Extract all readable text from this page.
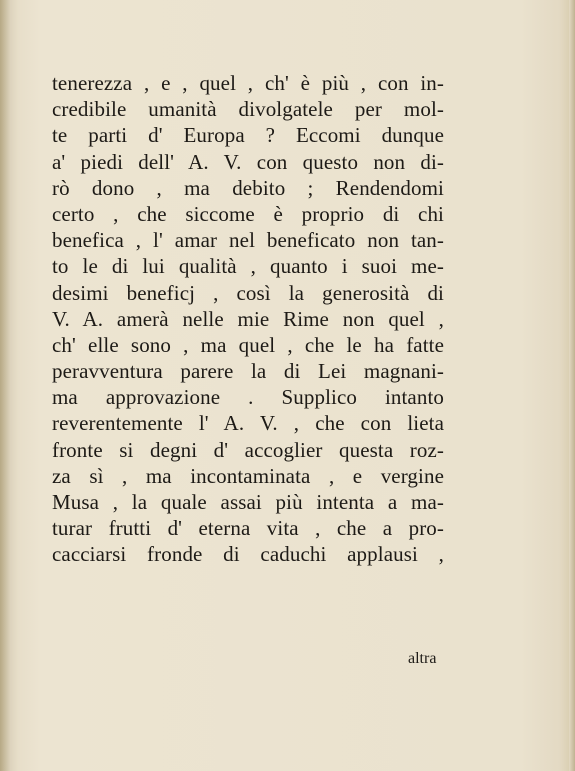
tenerezza , e , quel , ch' è più , con in-
credibile umanità divolgatele per mol-
te parti d' Europa ? Eccomi dunque
a' piedi dell' A. V. con questo non di-
rò dono , ma debito ; Rendendomi
certo , che siccome è proprio di chi
benefica , l' amar nel beneficato non tan-
to le di lui qualità , quanto i suoi me-
desimi beneficj , così la generosità di
V. A. amerà nelle mie Rime non quel ,
ch' elle sono , ma quel , che le ha fatte
peravventura parere la di Lei magnani-
ma approvazione . Supplico intanto
reverentemente l' A. V. , che con lieta
fronte si degni d' accoglier questa roz-
za sì , ma incontaminata , e vergine
Musa , la quale assai più intenta a ma-
turar frutti d' eterna vita , che a pro-
cacciarsi fronde di caduchi applausi ,
altra
